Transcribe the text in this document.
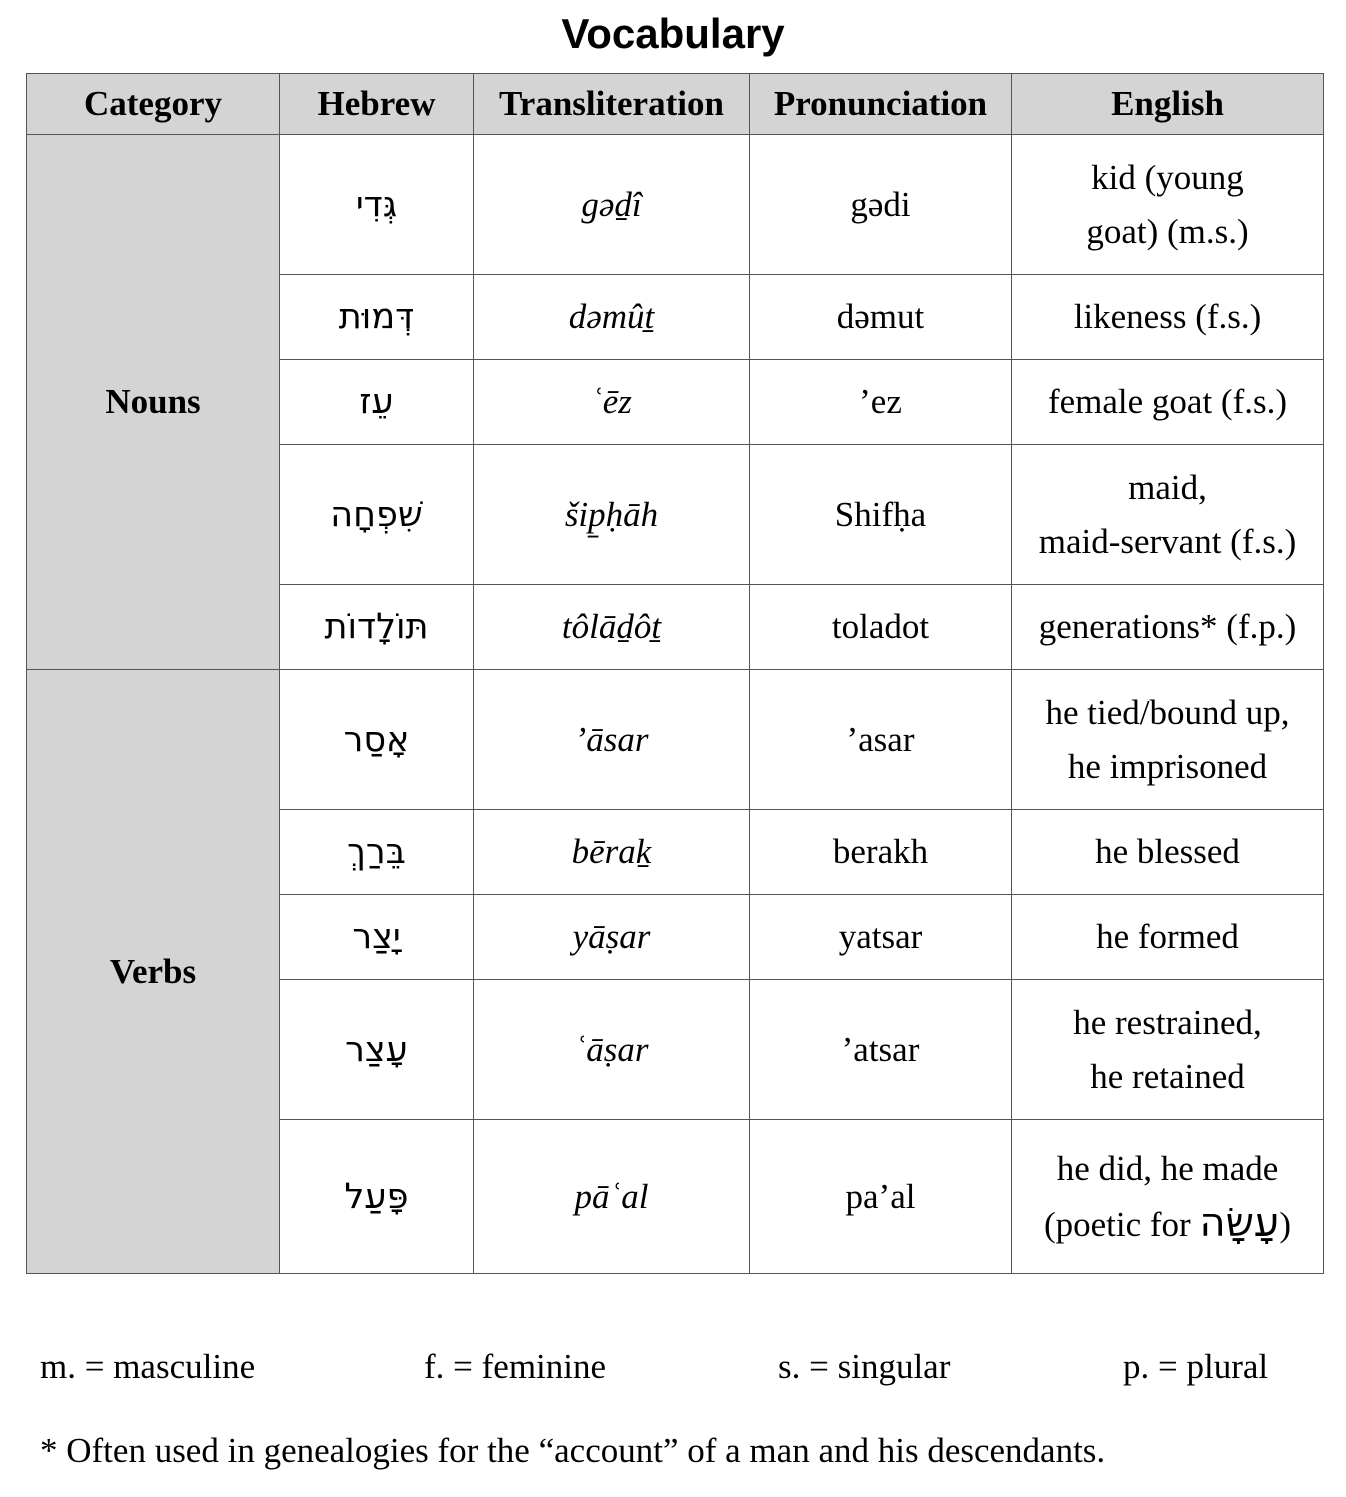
Vocabulary
Category	Hebrew	Transliteration	Pronunciation	English
Nouns	גְּדִי	gəḏî	gədi	kid (young
goat) (m.s.)

	דְּמוּת	dəmûṯ	dəmut	likeness (f.s.)
	עֵז	ʿēz	’ez	female goat (f.s.)
	שִׁפְחָה	šip̱ḥāh	Shifḥa	maid,
maid-servant (f.s.)

	תּוֹלָדוֹת	tôlāḏôṯ	toladot	generations* (f.p.)
Verbs	אָסַר	’āsar	’asar	he tied/bound up,
he imprisoned

	בֵּרַךְ	bērak̠	berakh	he blessed
	יָצַר	yāṣar	yatsar	he formed
	עָצַר	ʿāṣar	’atsar	he restrained,
he retained

	פָּעַל	pāʿal	pa’al	he did, he made
(poetic for עָשָׂה)
m. = masculine	f. = feminine	s. = singular	p. = plural
* Often used in genealogies for the “account” of a man and his descendants.
